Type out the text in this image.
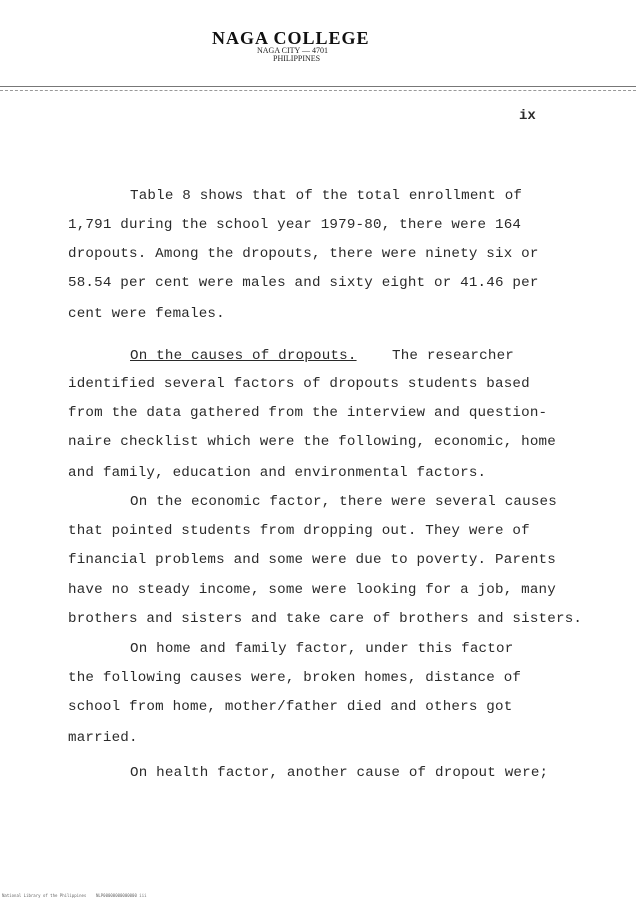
NAGA COLLEGE
NAGA CITY — 4701
PHILIPPINES
ix

Table 8 shows that of the total enrollment of

1,791 during the school year 1979-80, there were 164

dropouts. Among the dropouts, there were ninety six or

58.54 per cent were males and sixty eight or 41.46 per

cent were females.

On the causes of dropouts. The researcher

identified several factors of dropouts students based

from the data gathered from the interview and question-

naire checklist which were the following, economic, home

and family, education and environmental factors.

On the economic factor, there were several causes

that pointed students from dropping out. They were of

financial problems and some were due to poverty. Parents

have no steady income, some were looking for a job, many

brothers and sisters and take care of brothers and sisters.

On home and family factor, under this factor

the following causes were, broken homes, distance of

school from home, mother/father died and others got

married.

On health factor, another cause of dropout were;

National Library of the Philippines NLP00000000000000 iii
